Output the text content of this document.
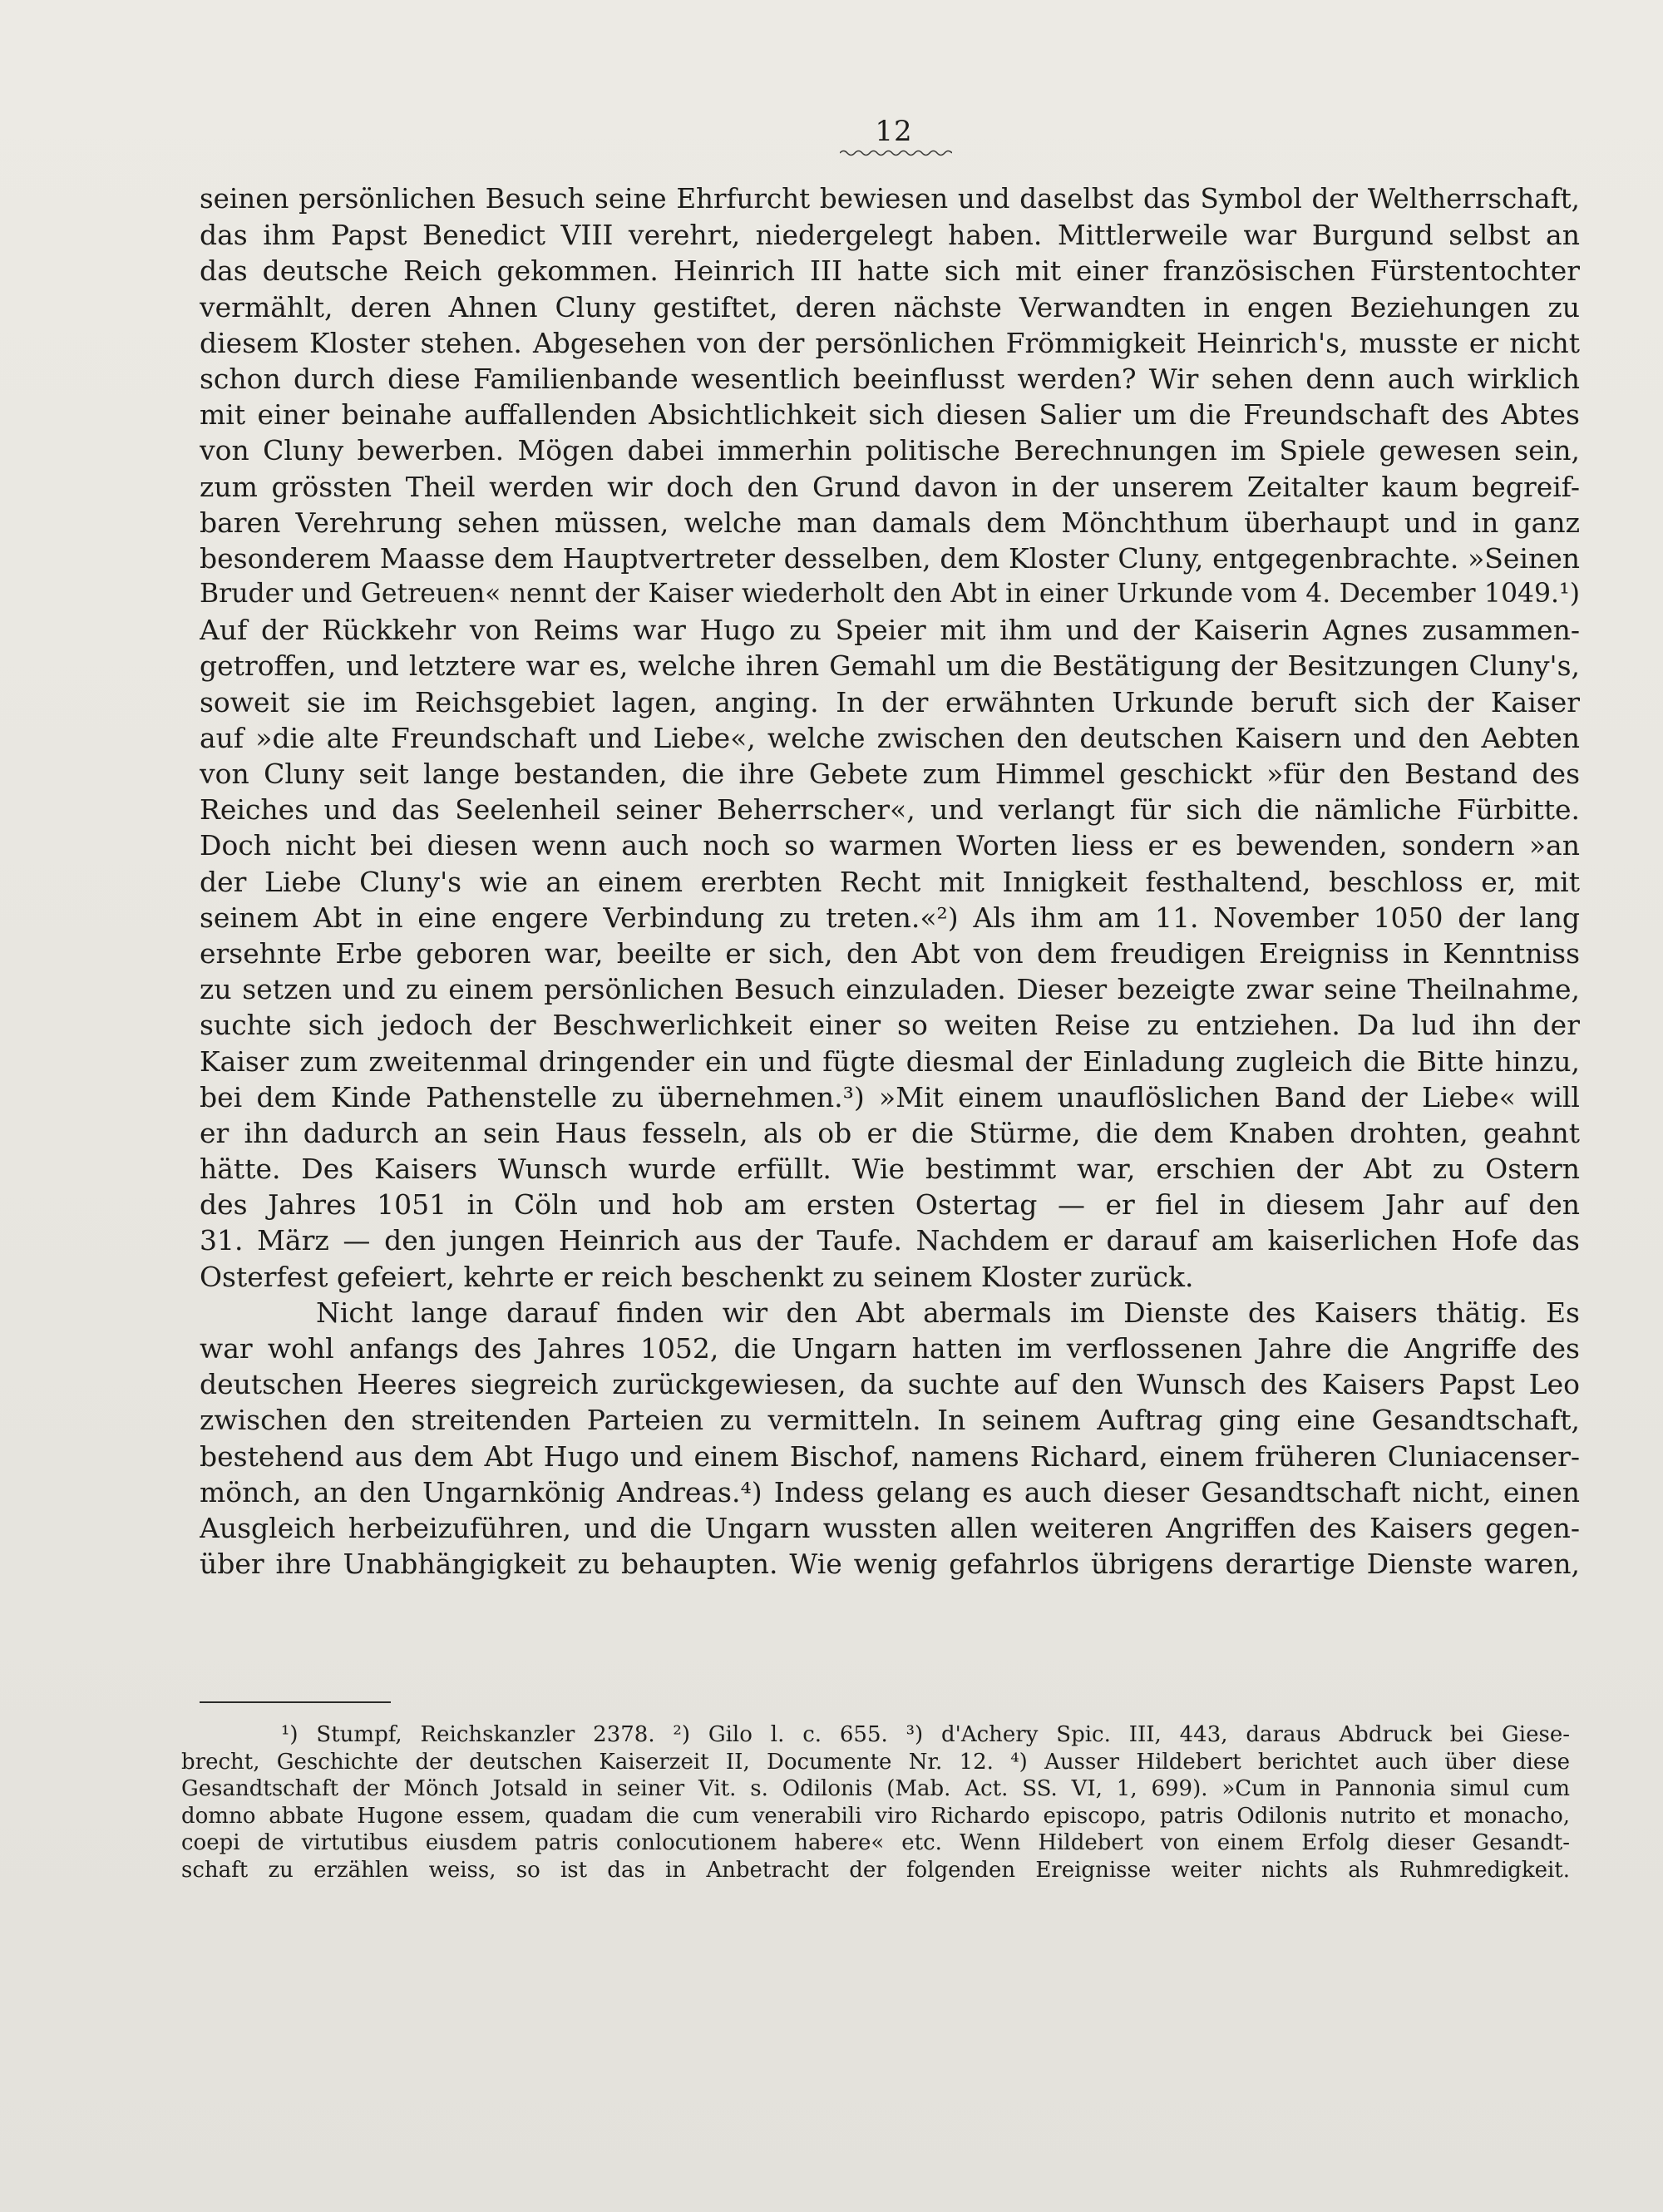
12
seinen persönlichen Besuch seine Ehrfurcht bewiesen und daselbst das Symbol der Weltherrschaft,
das ihm Papst Benedict VIII verehrt, niedergelegt haben. Mittlerweile war Burgund selbst an
das deutsche Reich gekommen. Heinrich III hatte sich mit einer französischen Fürstentochter
vermählt, deren Ahnen Cluny gestiftet, deren nächste Verwandten in engen Beziehungen zu
diesem Kloster stehen. Abgesehen von der persönlichen Frömmigkeit Heinrich's, musste er nicht
schon durch diese Familienbande wesentlich beeinflusst werden? Wir sehen denn auch wirklich
mit einer beinahe auffallenden Absichtlichkeit sich diesen Salier um die Freundschaft des Abtes
von Cluny bewerben. Mögen dabei immerhin politische Berechnungen im Spiele gewesen sein,
zum grössten Theil werden wir doch den Grund davon in der unserem Zeitalter kaum begreif-
baren Verehrung sehen müssen, welche man damals dem Mönchthum überhaupt und in ganz
besonderem Maasse dem Hauptvertreter desselben, dem Kloster Cluny, entgegenbrachte. »Seinen
Bruder und Getreuen« nennt der Kaiser wiederholt den Abt in einer Urkunde vom 4. December 1049.¹)
Auf der Rückkehr von Reims war Hugo zu Speier mit ihm und der Kaiserin Agnes zusammen-
getroffen, und letztere war es, welche ihren Gemahl um die Bestätigung der Besitzungen Cluny's,
soweit sie im Reichsgebiet lagen, anging. In der erwähnten Urkunde beruft sich der Kaiser
auf »die alte Freundschaft und Liebe«, welche zwischen den deutschen Kaisern und den Aebten
von Cluny seit lange bestanden, die ihre Gebete zum Himmel geschickt »für den Bestand des
Reiches und das Seelenheil seiner Beherrscher«, und verlangt für sich die nämliche Fürbitte.
Doch nicht bei diesen wenn auch noch so warmen Worten liess er es bewenden, sondern »an
der Liebe Cluny's wie an einem ererbten Recht mit Innigkeit festhaltend, beschloss er, mit
seinem Abt in eine engere Verbindung zu treten.«²) Als ihm am 11. November 1050 der lang
ersehnte Erbe geboren war, beeilte er sich, den Abt von dem freudigen Ereigniss in Kenntniss
zu setzen und zu einem persönlichen Besuch einzuladen. Dieser bezeigte zwar seine Theilnahme,
suchte sich jedoch der Beschwerlichkeit einer so weiten Reise zu entziehen. Da lud ihn der
Kaiser zum zweitenmal dringender ein und fügte diesmal der Einladung zugleich die Bitte hinzu,
bei dem Kinde Pathenstelle zu übernehmen.³) »Mit einem unauflöslichen Band der Liebe« will
er ihn dadurch an sein Haus fesseln, als ob er die Stürme, die dem Knaben drohten, geahnt
hätte. Des Kaisers Wunsch wurde erfüllt. Wie bestimmt war, erschien der Abt zu Ostern
des Jahres 1051 in Cöln und hob am ersten Ostertag — er fiel in diesem Jahr auf den
31. März — den jungen Heinrich aus der Taufe. Nachdem er darauf am kaiserlichen Hofe das
Osterfest gefeiert, kehrte er reich beschenkt zu seinem Kloster zurück.
Nicht lange darauf finden wir den Abt abermals im Dienste des Kaisers thätig. Es
war wohl anfangs des Jahres 1052, die Ungarn hatten im verflossenen Jahre die Angriffe des
deutschen Heeres siegreich zurückgewiesen, da suchte auf den Wunsch des Kaisers Papst Leo
zwischen den streitenden Parteien zu vermitteln. In seinem Auftrag ging eine Gesandtschaft,
bestehend aus dem Abt Hugo und einem Bischof, namens Richard, einem früheren Cluniacenser-
mönch, an den Ungarnkönig Andreas.⁴) Indess gelang es auch dieser Gesandtschaft nicht, einen
Ausgleich herbeizuführen, und die Ungarn wussten allen weiteren Angriffen des Kaisers gegen-
über ihre Unabhängigkeit zu behaupten. Wie wenig gefahrlos übrigens derartige Dienste waren,
¹) Stumpf, Reichskanzler 2378. ²) Gilo l. c. 655. ³) d'Achery Spic. III, 443, daraus Abdruck bei Giese-
brecht, Geschichte der deutschen Kaiserzeit II, Documente Nr. 12. ⁴) Ausser Hildebert berichtet auch über diese
Gesandtschaft der Mönch Jotsald in seiner Vit. s. Odilonis (Mab. Act. SS. VI, 1, 699). »Cum in Pannonia simul cum
domno abbate Hugone essem, quadam die cum venerabili viro Richardo episcopo, patris Odilonis nutrito et monacho,
coepi de virtutibus eiusdem patris conlocutionem habere« etc. Wenn Hildebert von einem Erfolg dieser Gesandt-
schaft zu erzählen weiss, so ist das in Anbetracht der folgenden Ereignisse weiter nichts als Ruhmredigkeit.
